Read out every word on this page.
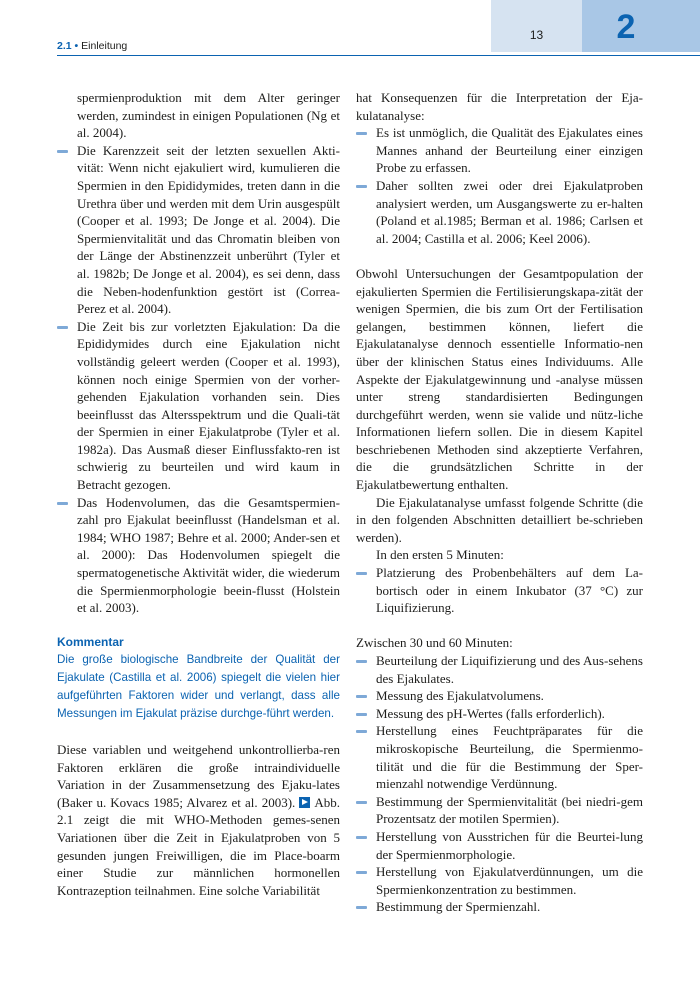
13	2
2.1 • Einleitung

spermienproduktion mit dem Alter geringer werden, zumindest in einigen Populationen (Ng et al. 2004).

Die Karenzzeit seit der letzten sexuellen Akti-vität: Wenn nicht ejakuliert wird, kumulieren die Spermien in den Epididymides, treten dann in die Urethra über und werden mit dem Urin ausgespült (Cooper et al. 1993; De Jonge et al. 2004). Die Spermienvitalität und das Chromatin bleiben von der Länge der Abstinenzzeit unberührt (Tyler et al. 1982b; De Jonge et al. 2004), es sei denn, dass die Neben-hodenfunktion gestört ist (Correa-Perez et al. 2004).
Die Zeit bis zur vorletzten Ejakulation: Da die Epididymides durch eine Ejakulation nicht vollständig geleert werden (Cooper et al. 1993), können noch einige Spermien von der vorher-gehenden Ejakulation vorhanden sein. Dies beeinflusst das Altersspektrum und die Quali-tät der Spermien in einer Ejakulatprobe (Tyler et al. 1982a). Das Ausmaß dieser Einflussfakto-ren ist schwierig zu beurteilen und wird kaum in Betracht gezogen.
Das Hodenvolumen, das die Gesamtspermien-zahl pro Ejakulat beeinflusst (Handelsman et al. 1984; WHO 1987; Behre et al. 2000; Ander-sen et al. 2000): Das Hodenvolumen spiegelt die spermatogenetische Aktivität wider, die wiederum die Spermienmorphologie beein-flusst (Holstein et al. 2003).
Kommentar

Die große biologische Bandbreite der Qualität der Ejakulate (Castilla et al. 2006) spiegelt die vielen hier aufgeführten Faktoren wider und verlangt, dass alle Messungen im Ejakulat präzise durchge-führt werden.

Diese variablen und weitgehend unkontrollierba-ren Faktoren erklären die große intraindividuelle Variation in der Zusammensetzung des Ejaku-lates (Baker u. Kovacs 1985; Alvarez et al. 2003). Abb. 2.1 zeigt die mit WHO-Methoden gemes-senen Variationen über die Zeit in Ejakulatproben von 5 gesunden jungen Freiwilligen, die im Place-boarm einer Studie zur männlichen hormonellen Kontrazeption teilnahmen. Eine solche Variabilität

hat Konsequenzen für die Interpretation der Eja-kulatanalyse:

Es ist unmöglich, die Qualität des Ejakulates eines Mannes anhand der Beurteilung einer einzigen Probe zu erfassen.
Daher sollten zwei oder drei Ejakulatproben analysiert werden, um Ausgangswerte zu er-halten (Poland et al.1985; Berman et al. 1986; Carlsen et al. 2004; Castilla et al. 2006; Keel 2006).

Obwohl Untersuchungen der Gesamtpopulation der ejakulierten Spermien die Fertilisierungskapa-zität der wenigen Spermien, die bis zum Ort der Fertilisation gelangen, bestimmen können, liefert die Ejakulatanalyse dennoch essentielle Informatio-nen über der klinischen Status eines Individuums. Alle Aspekte der Ejakulatgewinnung und -analyse müssen unter streng standardisierten Bedingungen durchgeführt werden, wenn sie valide und nütz-liche Informationen liefern sollen. Die in diesem Kapitel beschriebenen Methoden sind akzeptierte Verfahren, die die grundsätzlichen Schritte in der Ejakulatbewertung enthalten.

Die Ejakulatanalyse umfasst folgende Schritte (die in den folgenden Abschnitten detailliert be-schrieben werden).

In den ersten 5 Minuten:

Platzierung des Probenbehälters auf dem La-bortisch oder in einem Inkubator (37 °C) zur Liquifizierung.

Zwischen 30 und 60 Minuten:

Beurteilung der Liquifizierung und des Aus-sehens des Ejakulates.
Messung des Ejakulatvolumens.
Messung des pH-Wertes (falls erforderlich).
Herstellung eines Feuchtpräparates für die mikroskopische Beurteilung, die Spermienmo-tilität und die für die Bestimmung der Sper-mienzahl notwendige Verdünnung.
Bestimmung der Spermienvitalität (bei niedri-gem Prozentsatz der motilen Spermien).
Herstellung von Ausstrichen für die Beurtei-lung der Spermienmorphologie.
Herstellung von Ejakulatverdünnungen, um die Spermienkonzentration zu bestimmen.
Bestimmung der Spermienzahl.
